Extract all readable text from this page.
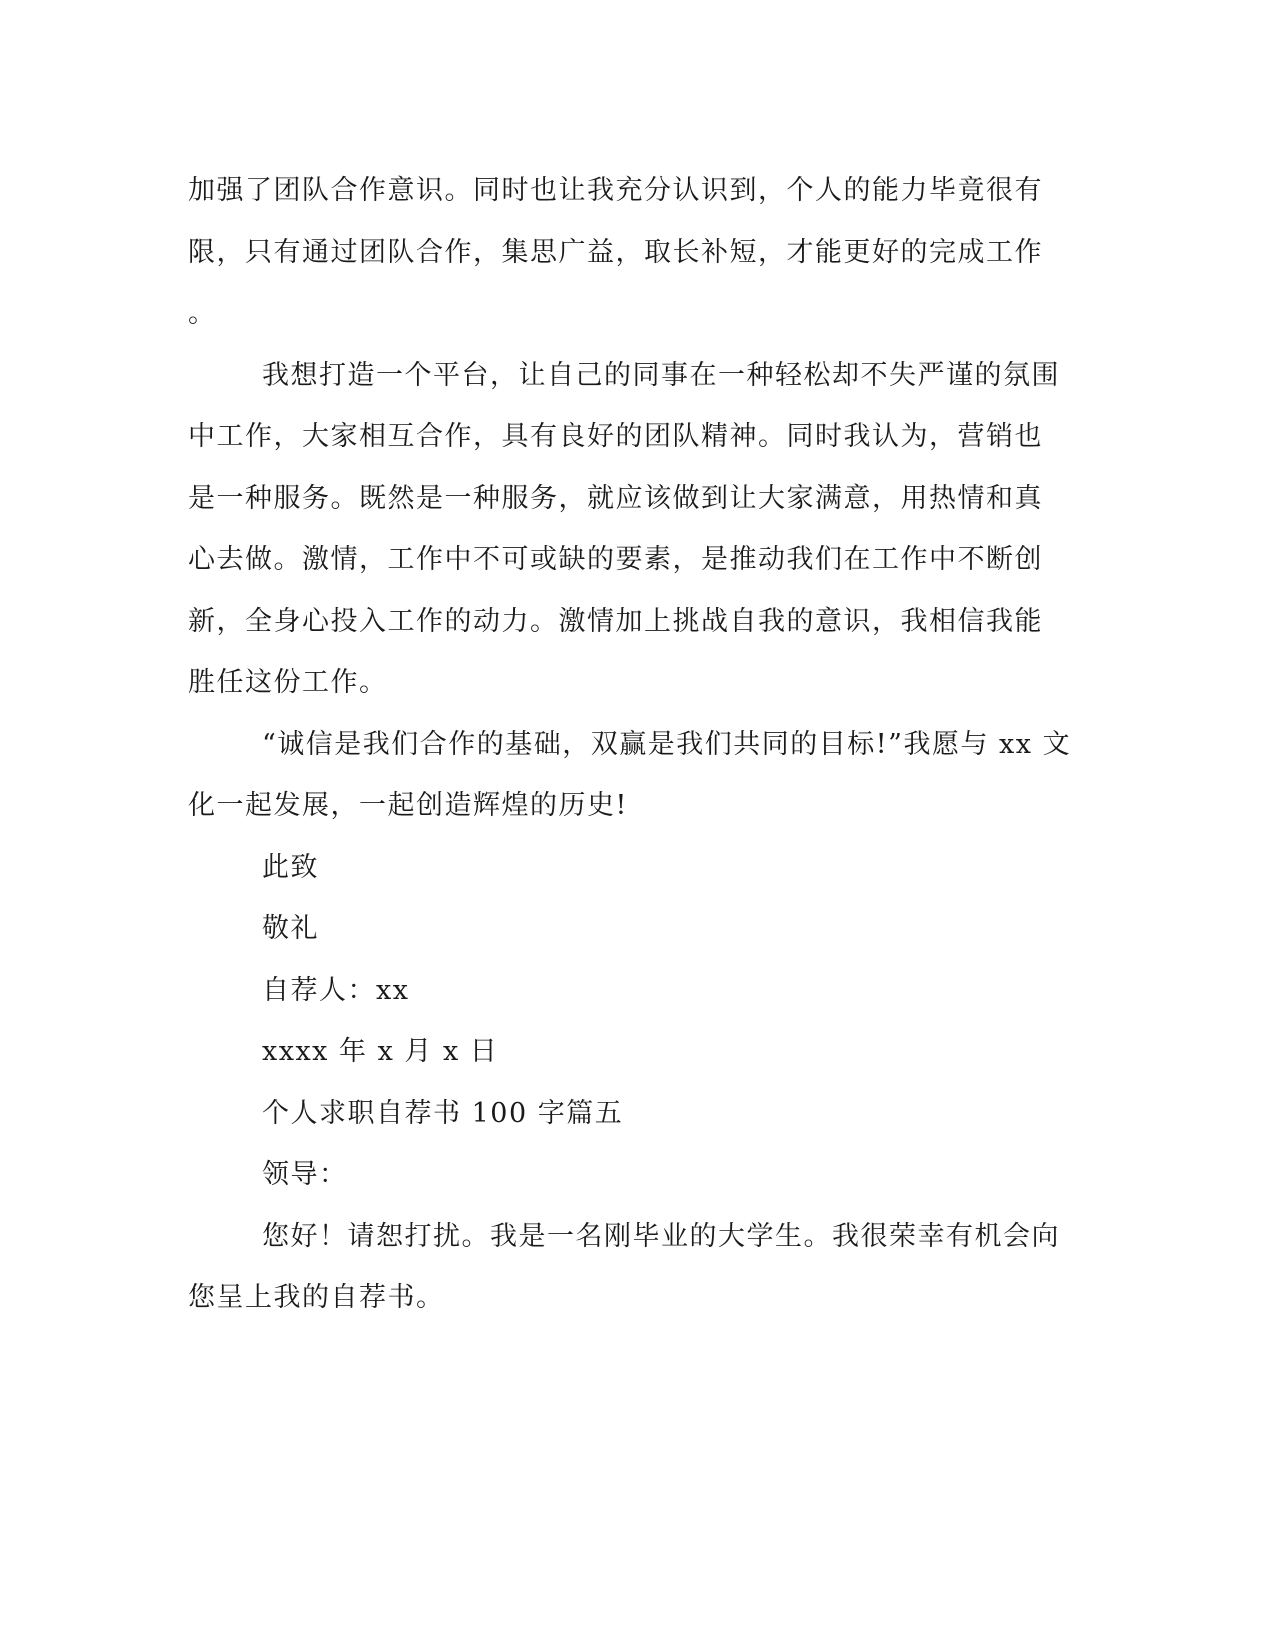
加强了团队合作意识。同时也让我充分认识到，个人的能力毕竟很有
限，只有通过团队合作，集思广益，取长补短，才能更好的完成工作
。
我想打造一个平台，让自己的同事在一种轻松却不失严谨的氛围
中工作，大家相互合作，具有良好的团队精神。同时我认为，营销也
是一种服务。既然是一种服务，就应该做到让大家满意，用热情和真
心去做。激情，工作中不可或缺的要素，是推动我们在工作中不断创
新，全身心投入工作的动力。激情加上挑战自我的意识，我相信我能
胜任这份工作。
“诚信是我们合作的基础，双赢是我们共同的目标!”我愿与 xx 文
化一起发展，一起创造辉煌的历史!
此致
敬礼
自荐人：xx
xxxx 年 x 月 x 日
个人求职自荐书 100 字篇五
领导：
您好！请恕打扰。我是一名刚毕业的大学生。我很荣幸有机会向
您呈上我的自荐书。
